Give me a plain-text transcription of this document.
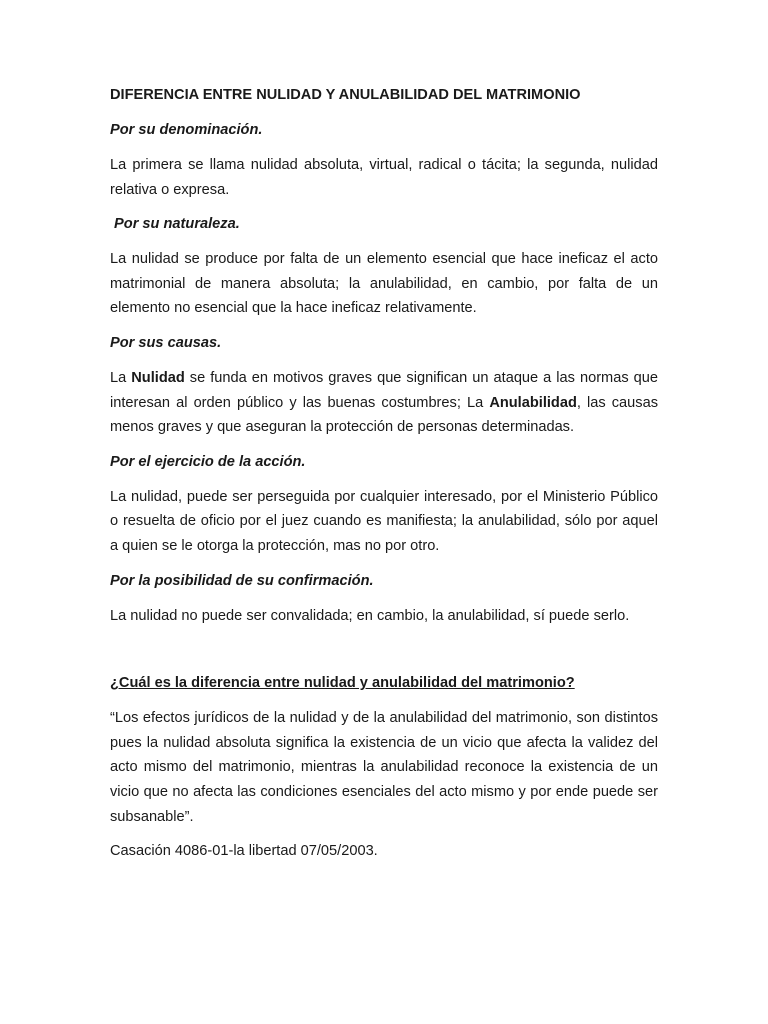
DIFERENCIA ENTRE NULIDAD Y ANULABILIDAD DEL MATRIMONIO
Por su denominación.
La primera se llama nulidad absoluta, virtual, radical o tácita; la segunda, nulidad relativa o expresa.
Por su naturaleza.
La nulidad se produce por falta de un elemento esencial que hace ineficaz el acto matrimonial de manera absoluta; la anulabilidad, en cambio, por falta de un elemento no esencial que la hace ineficaz relativamente.
Por sus causas.
La Nulidad se funda en motivos graves que significan un ataque a las normas que interesan al orden público y las buenas costumbres; La Anulabilidad, las causas menos graves y que aseguran la protección de personas determinadas.
Por el ejercicio de la acción.
La nulidad, puede ser perseguida por cualquier interesado, por el Ministerio Público o resuelta de oficio por el juez cuando es manifiesta; la anulabilidad, sólo por aquel a quien se le otorga la protección, mas no por otro.
Por la posibilidad de su confirmación.
La nulidad no puede ser convalidada; en cambio, la anulabilidad, sí puede serlo.
¿Cuál es la diferencia entre nulidad y anulabilidad del matrimonio?
“Los efectos jurídicos de la nulidad y de la anulabilidad del matrimonio, son distintos pues la nulidad absoluta significa la existencia de un vicio que afecta la validez del acto mismo del matrimonio, mientras la anulabilidad reconoce la existencia de un vicio que no afecta las condiciones esenciales del acto mismo y por ende puede ser subsanable”.
Casación 4086-01-la libertad 07/05/2003.
